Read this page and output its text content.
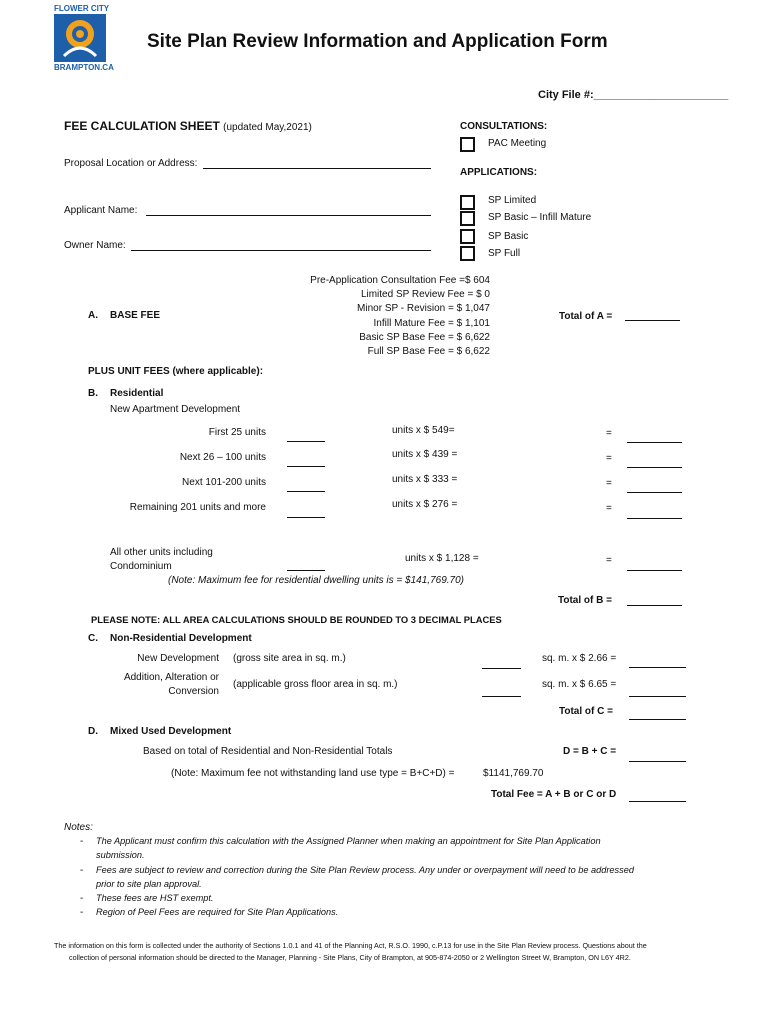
FLOWER CITY
BRAMPTON.CA
Site Plan Review Information and Application Form
City File #:______________________
FEE CALCULATION SHEET (updated May,2021)
Proposal Location or Address:
Applicant Name:
Owner Name:
CONSULTATIONS:
PAC Meeting
APPLICATIONS:
SP Limited
SP Basic – Infill Mature
SP Basic
SP Full
A. BASE FEE
Pre-Application Consultation Fee =$ 604
Limited SP Review Fee = $ 0
Minor SP - Revision = $ 1,047
Infill Mature Fee = $ 1,101
Basic SP Base Fee = $ 6,622
Full SP Base Fee = $ 6,622
Total of A =
PLUS UNIT FEES (where applicable):
B. Residential
New Apartment Development
First 25 units	units x $ 549=	=
Next 26 – 100 units	units x $ 439 =	=
Next 101-200 units	units x $ 333 =	=
Remaining 201 units and more	units x $ 276 =	=
All other units including
Condominium
units x $ 1,128 =	=
(Note: Maximum fee for residential dwelling units is = $141,769.70)
Total of B =
PLEASE NOTE: ALL AREA CALCULATIONS SHOULD BE ROUNDED TO 3 DECIMAL PLACES
C. Non-Residential Development
New Development (gross site area in sq. m.)	sq. m. x $ 2.66 =
Addition, Alteration or
Conversion
(applicable gross floor area in sq. m.)	sq. m. x $ 6.65 =
Total of C =
D. Mixed Used Development
Based on total of Residential and Non-Residential Totals	D = B + C =
(Note: Maximum fee not withstanding land use type = B+C+D) =	$1141,769.70
Total Fee = A + B or C or D
Notes:
- The Applicant must confirm this calculation with the Assigned Planner when making an appointment for Site Plan Application
submission.
- Fees are subject to review and correction during the Site Plan Review process. Any under or overpayment will need to be addressed
prior to site plan approval.
- These fees are HST exempt.
- Region of Peel Fees are required for Site Plan Applications.
The information on this form is collected under the authority of Sections 1.0.1 and 41 of the Planning Act, R.S.O. 1990, c.P.13 for use in the Site Plan Review process. Questions about the
collection of personal information should be directed to the Manager, Planning - Site Plans, City of Brampton, at 905-874-2050 or 2 Wellington Street W, Brampton, ON L6Y 4R2.
